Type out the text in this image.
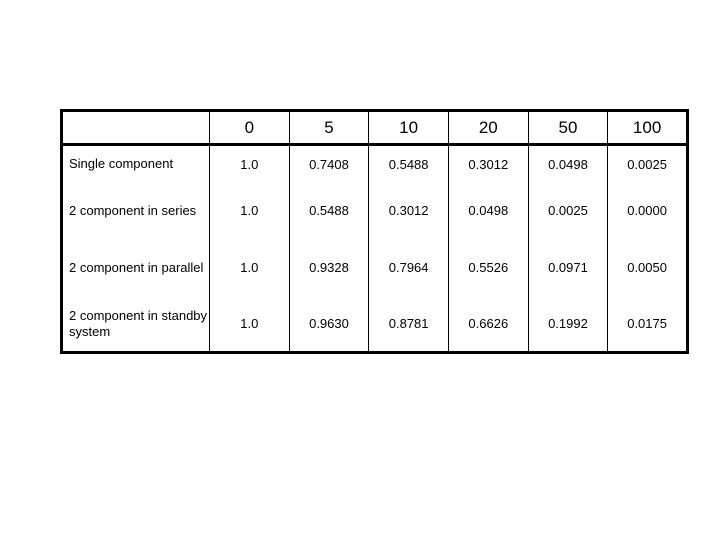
	0	5	10	20	50	100
Single component	1.0	0.7408	0.5488	0.3012	0.0498	0.0025
2 component in series	1.0	0.5488	0.3012	0.0498	0.0025	0.0000
2 component in parallel	1.0	0.9328	0.7964	0.5526	0.0971	0.0050
2 component in standby system	1.0	0.9630	0.8781	0.6626	0.1992	0.0175
